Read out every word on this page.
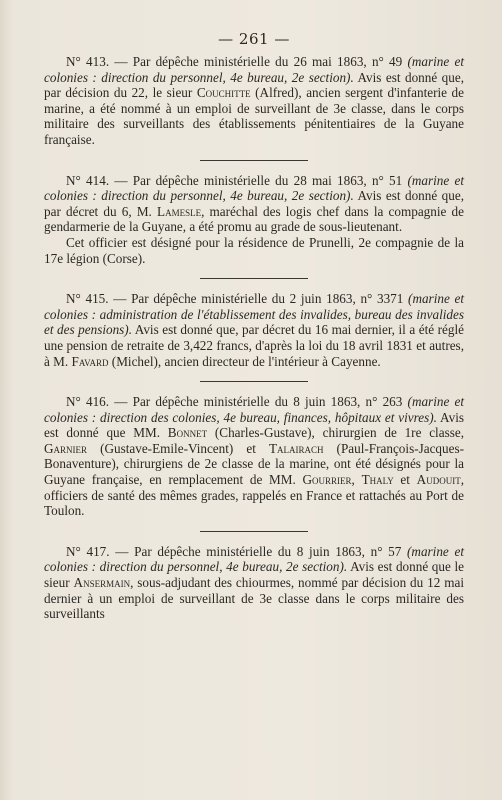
— 261 —

N° 413. — Par dépêche ministérielle du 26 mai 1863, n° 49 (marine et colonies : direction du personnel, 4e bureau, 2e section). Avis est donné que, par décision du 22, le sieur Couchitte (Alfred), ancien sergent d'infanterie de marine, a été nommé à un emploi de surveillant de 3e classe, dans le corps militaire des surveillants des établissements pénitentiaires de la Guyane française.

N° 414. — Par dépêche ministérielle du 28 mai 1863, n° 51 (marine et colonies : direction du personnel, 4e bureau, 2e section). Avis est donné que, par décret du 6, M. Lamesle, maréchal des logis chef dans la compagnie de gendarmerie de la Guyane, a été promu au grade de sous-lieutenant.

Cet officier est désigné pour la résidence de Prunelli, 2e compagnie de la 17e légion (Corse).

N° 415. — Par dépêche ministérielle du 2 juin 1863, n° 3371 (marine et colonies : administration de l'établissement des invalides, bureau des invalides et des pensions). Avis est donné que, par décret du 16 mai dernier, il a été réglé une pension de retraite de 3,422 francs, d'après la loi du 18 avril 1831 et autres, à M. Favard (Michel), ancien directeur de l'intérieur à Cayenne.

N° 416. — Par dépêche ministérielle du 8 juin 1863, n° 263 (marine et colonies : direction des colonies, 4e bureau, finances, hôpitaux et vivres). Avis est donné que MM. Bonnet (Charles-Gustave), chirurgien de 1re classe, Garnier (Gustave-Emile-Vincent) et Talairach (Paul-François-Jacques-Bonaventure), chirurgiens de 2e classe de la marine, ont été désignés pour la Guyane française, en remplacement de MM. Gourrier, Thaly et Audouit, officiers de santé des mêmes grades, rappelés en France et rattachés au Port de Toulon.

N° 417. — Par dépêche ministérielle du 8 juin 1863, n° 57 (marine et colonies : direction du personnel, 4e bureau, 2e section). Avis est donné que le sieur Ansermain, sous-adjudant des chiourmes, nommé par décision du 12 mai dernier à un emploi de surveillant de 3e classe dans le corps militaire des surveillants
